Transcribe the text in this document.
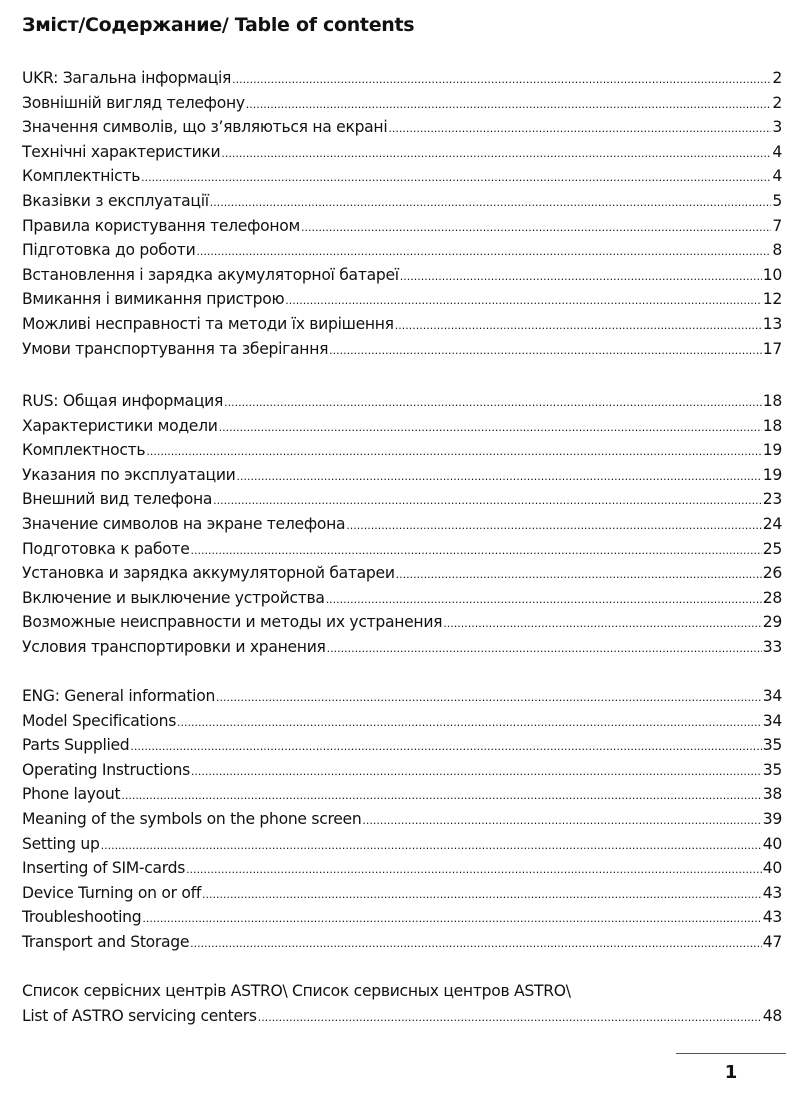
Зміст/Содержание/ Table of contents
UKR: Загальна інформація .....	2
Зовнішній вигляд телефону .....	2
Значення символів, що з’являються на екрані .....	3
Технічні характеристики .....	4
Комплектність .....	4
Вказівки з експлуатації .....	5
Правила користування телефоном .....	7
Підготовка до роботи .....	8
Встановлення і зарядка акумуляторної батареї .....	10
Вмикання і вимикання пристрою .....	12
Можливі несправності та методи їх вирішення .....	13
Умови транспортування та зберігання .....	17
RUS: Общая информация .....	18
Характеристики модели .....	18
Комплектность .....	19
Указания по эксплуатации .....	19
Внешний вид телефона .....	23
Значение символов на экране телефона .....	24
Подготовка к работе .....	25
Установка и зарядка аккумуляторной батареи .....	26
Включение и выключение устройства .....	28
Возможные неисправности и методы их устранения .....	29
Условия транспортировки и хранения .....	33
ENG: General information .....	34
Model Specifications .....	34
Parts Supplied .....	35
Operating Instructions .....	35
Phone layout .....	38
Meaning of the symbols on the phone screen .....	39
Setting up .....	40
Inserting of SIM-cards .....	40
Device Turning on or off .....	43
Troubleshooting .....	43
Transport and Storage .....	47
Список сервісних центрів ASTRO\ Список сервисных центров ASTRO\
List of ASTRO servicing centers .....	48
1
